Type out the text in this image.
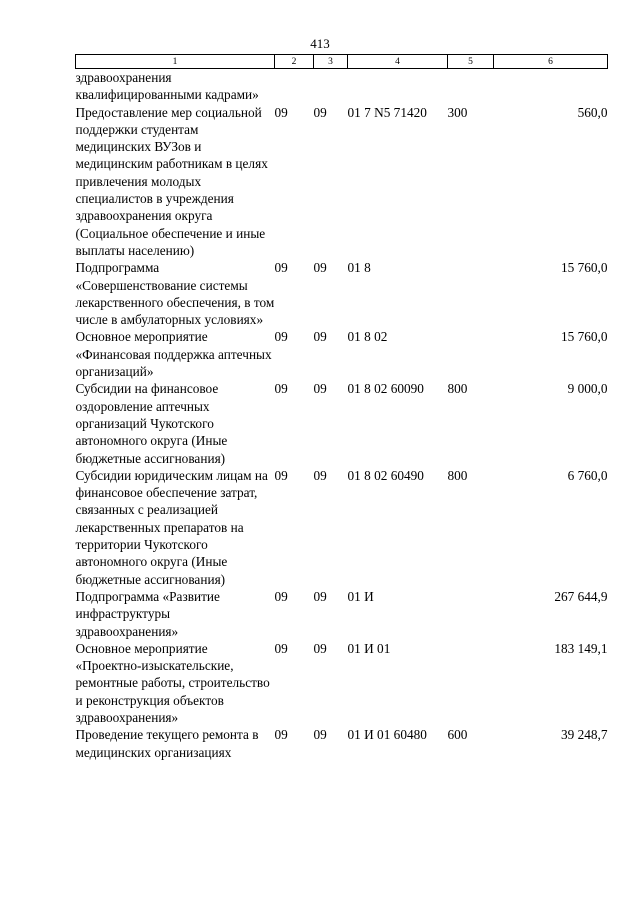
413
1	2	3	4	5	6
здравоохранения квалифицированными кадрами»					
Предоставление мер социальной поддержки студентам медицинских ВУЗов и медицинским работникам в целях привлечения молодых специалистов в учреждения здравоохранения округа (Социальное обеспечение и иные выплаты населению)	09	09	01 7 N5 71420	300	560,0
Подпрограмма «Совершенствование системы лекарственного обеспечения, в том числе в амбулаторных условиях»	09	09	01 8		15 760,0
Основное мероприятие «Финансовая поддержка аптечных организаций»	09	09	01 8 02		15 760,0
Субсидии на финансовое оздоровление аптечных организаций Чукотского автономного округа (Иные бюджетные ассигнования)	09	09	01 8 02 60090	800	9 000,0
Субсидии юридическим лицам на финансовое обеспечение затрат, связанных с реализацией лекарственных препаратов на территории Чукотского автономного округа (Иные бюджетные ассигнования)	09	09	01 8 02 60490	800	6 760,0
Подпрограмма «Развитие инфраструктуры здравоохранения»	09	09	01 И		267 644,9
Основное мероприятие «Проектно-изыскательские, ремонтные работы, строительство и реконструкция объектов здравоохранения»	09	09	01 И 01		183 149,1
Проведение текущего ремонта в медицинских организациях	09	09	01 И 01 60480	600	39 248,7
